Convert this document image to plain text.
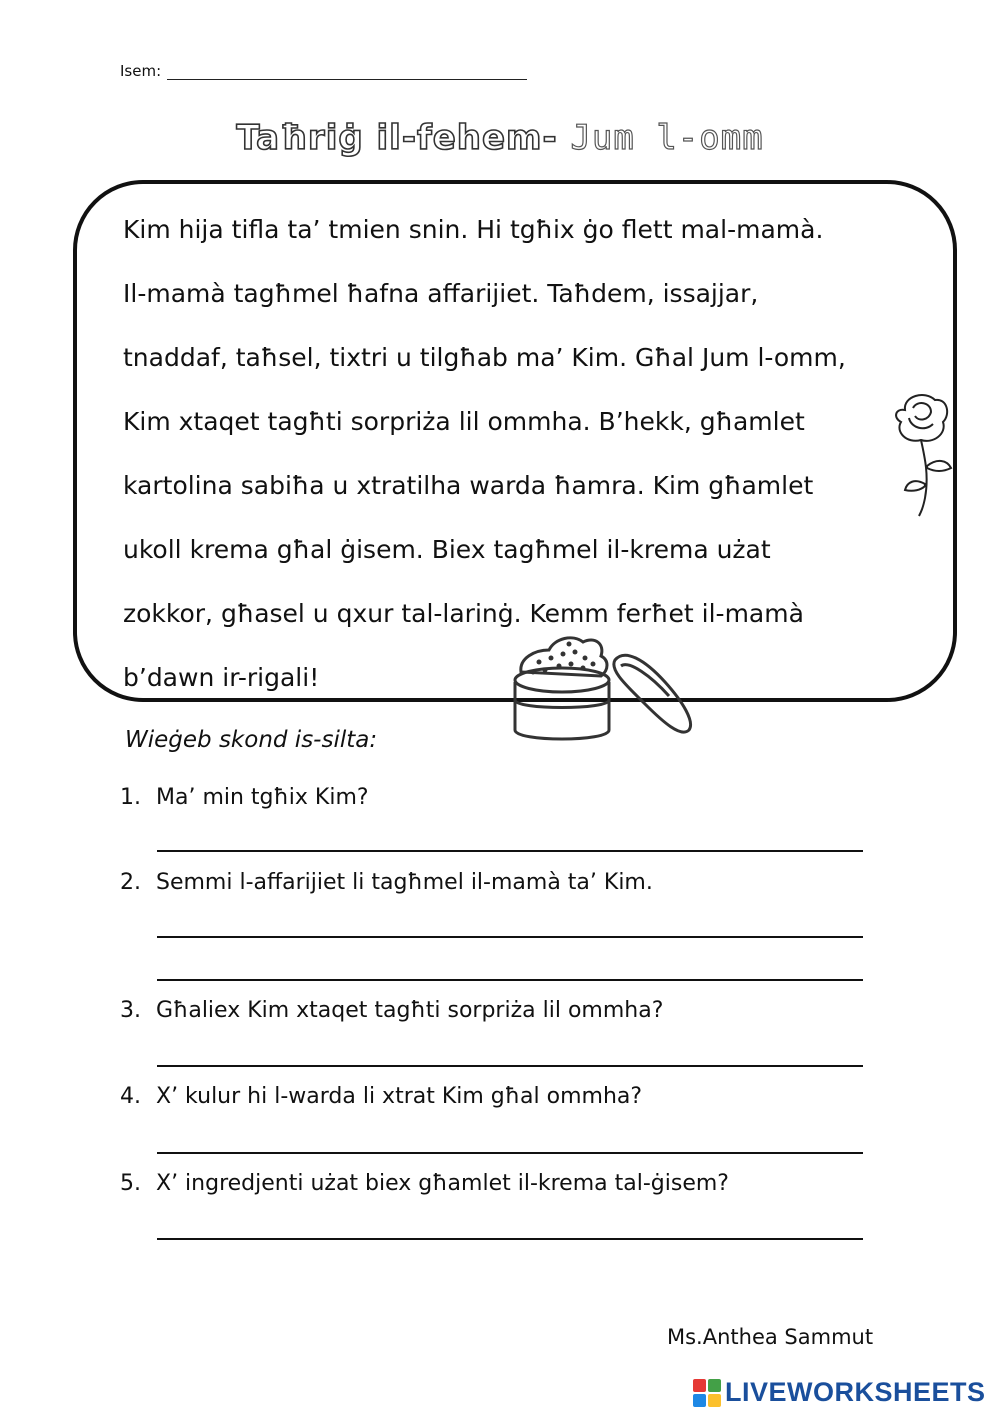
Isem:
Taħriġ il-fehem- Jum l-omm
Kim hija tifla ta’ tmien snin. Hi tgħix ġo flett mal-mamà.
Il-mamà tagħmel ħafna affarijiet. Taħdem, issajjar,
tnaddaf, taħsel, tixtri u tilgħab ma’ Kim. Għal Jum l-omm,
Kim xtaqet tagħti sorpriża lil ommha. B’hekk, għamlet
kartolina sabiħa u xtratilha warda ħamra. Kim għamlet
ukoll krema għal ġisem. Biex tagħmel il-krema użat
zokkor, għasel u qxur tal-larinġ. Kemm ferħet il-mamà
b’dawn ir-rigali!
Wieġeb skond is-silta:
1. Ma’ min tgħix Kim?
2. Semmi l-affarijiet li tagħmel il-mamà ta’ Kim.
3. Għaliex Kim xtaqet tagħti sorpriża lil ommha?
4. X’ kulur hi l-warda li xtrat Kim għal ommha?
5. X’ ingredjenti użat biex għamlet il-krema tal-ġisem?
Ms.Anthea Sammut
LIVEWORKSHEETS
